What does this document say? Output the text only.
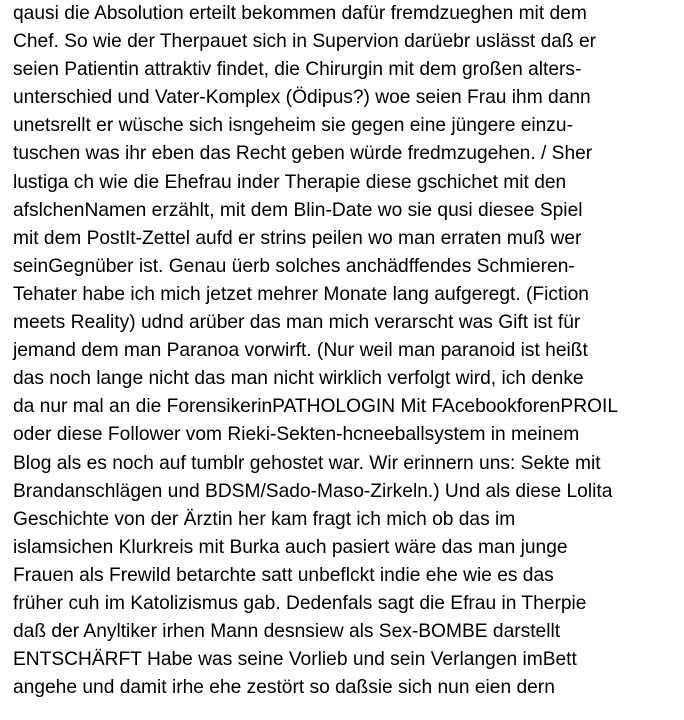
qausi die Absolution erteilt bekommen dafür fremdzueghen mit dem
Chef. So wie der Therpauet sich in Supervion darüebr uslässt daß er
seien Patientin attraktiv findet, die Chirurgin mit dem großen alters-
unterschied und Vater-Komplex (Ödipus?) woe seien Frau ihm dann
unetsrellt er wüsche sich isngeheim sie gegen eine jüngere einzu-
tuschen was ihr eben das Recht geben würde fredmzugehen. / Sher
lustiga ch wie die Ehefrau inder Therapie diese gschichet mit den
afslchenNamen erzählt, mit dem Blin-Date wo sie qusi diesee Spiel
mit dem PostIt-Zettel aufd er strins peilen wo man erraten muß wer
seinGegnüber ist. Genau üerb solches anchädffendes Schmieren-
Tehater habe ich mich jetzet mehrer Monate lang aufgeregt. (Fiction
meets Reality) udnd arüber das man mich verarscht was Gift ist für
jemand dem man Paranoa vorwirft. (Nur weil man paranoid ist heißt
das noch lange nicht das man nicht wirklich verfolgt wird, ich denke
da nur mal an die ForensikerinPATHOLOGIN Mit FAcebookforenPROIL
oder diese Follower vom Rieki-Sekten-hcneeballsystem in meinem
Blog als es noch auf tumblr gehostet war. Wir erinnern uns: Sekte mit
Brandanschlägen und BDSM/Sado-Maso-Zirkeln.) Und als diese Lolita
Geschichte von der Ärztin her kam fragt ich mich ob das im
islamsichen Klurkreis mit Burka auch pasiert wäre das man junge
Frauen als Frewild betarchte satt unbeflckt indie ehe wie es das
früher cuh im Katolizismus gab. Dedenfals sagt die Efrau in Therpie
daß der Anyltiker irhen Mann desnsiew als Sex-BOMBE darstellt
ENTSCHÄRFT Habe was seine Vorlieb und sein Verlangen imBett
angehe und damit irhe ehe zestört so daßsie sich nun eien dern
